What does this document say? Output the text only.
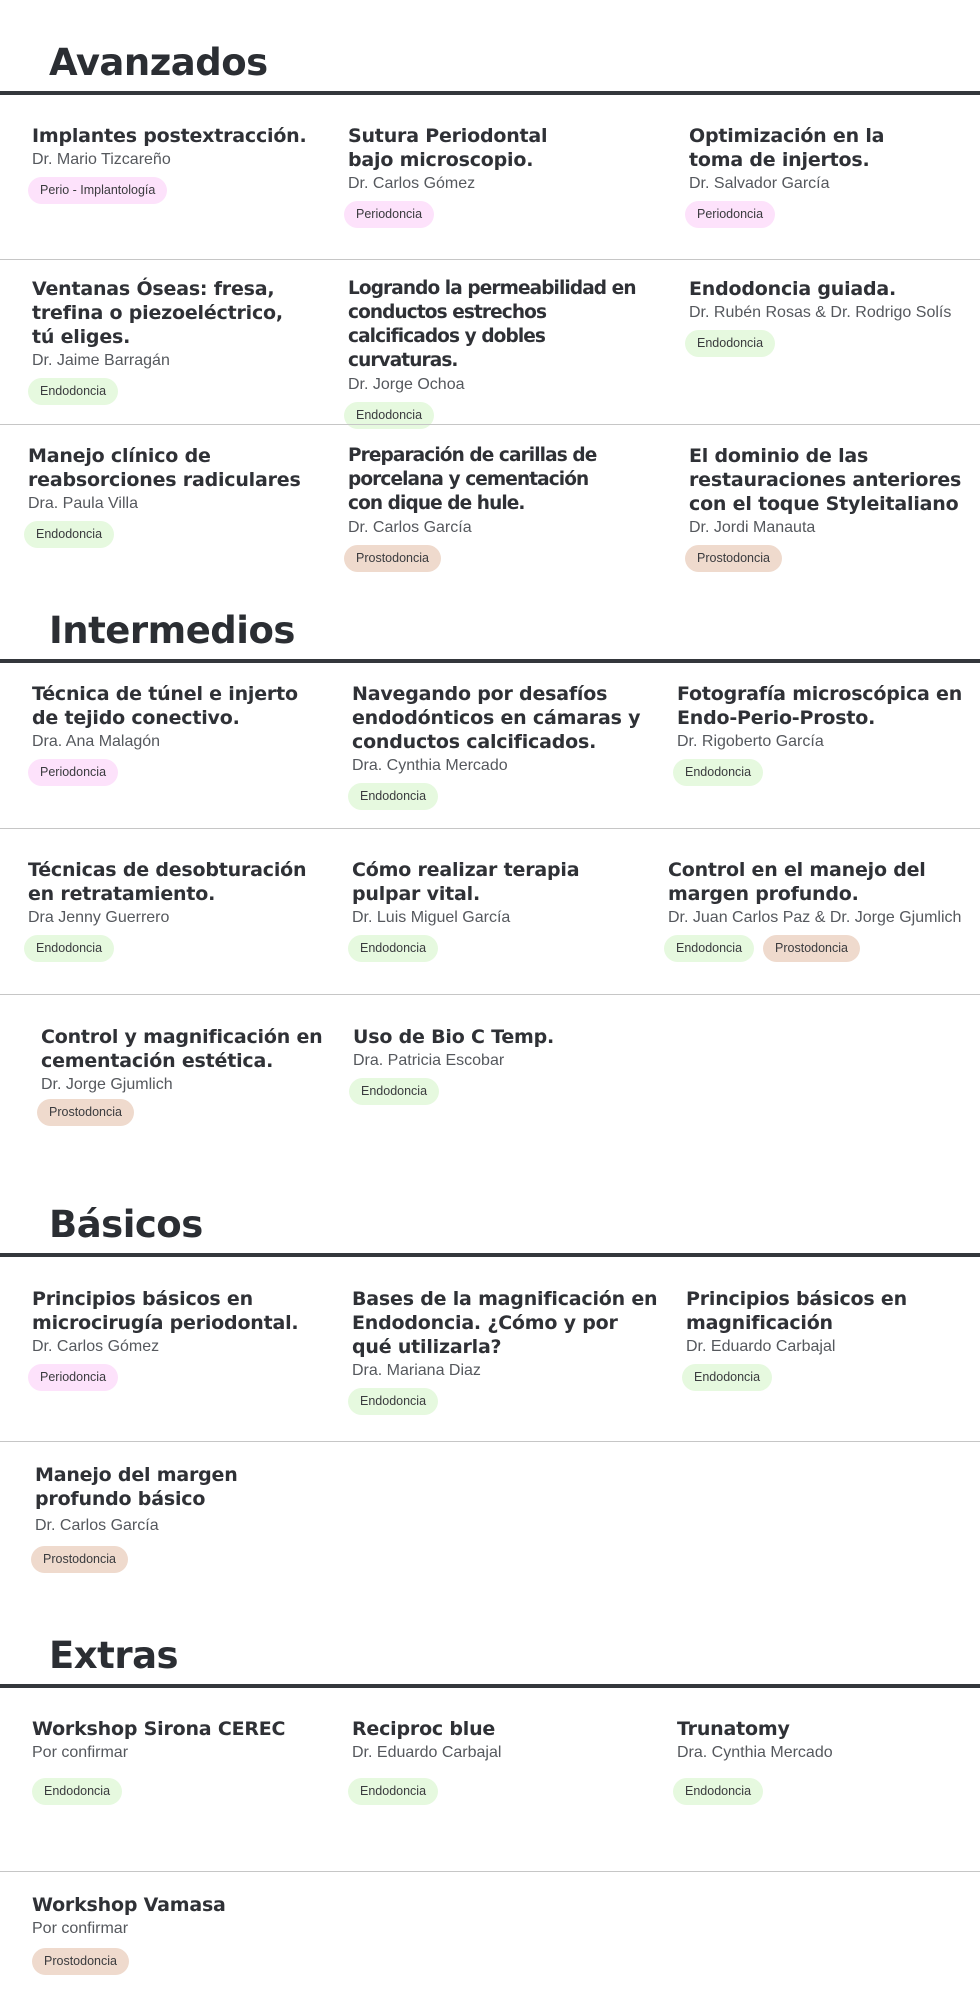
Avanzados
Implantes postextracción.
Dr. Mario Tizcareño
Perio - Implantología
Sutura Periodontal bajo microscopio.
Dr. Carlos Gómez
Periodoncia
Optimización en la toma de injertos.
Dr. Salvador García
Periodoncia
Ventanas Óseas: fresa, trefina o piezoeléctrico, tú eliges.
Dr. Jaime Barragán
Endodoncia
Logrando la permeabilidad en conductos estrechos calcificados y dobles curvaturas.
Dr. Jorge Ochoa
Endodoncia
Endodoncia guiada.
Dr. Rubén Rosas & Dr. Rodrigo Solís
Endodoncia
Manejo clínico de reabsorciones radiculares
Dra. Paula Villa
Endodoncia
Preparación de carillas de porcelana y cementación con dique de hule.
Dr. Carlos García
Prostodoncia
El dominio de las restauraciones anteriores con el toque Styleitaliano
Dr. Jordi Manauta
Prostodoncia
Intermedios
Técnica de túnel e injerto de tejido conectivo.
Dra. Ana Malagón
Periodoncia
Navegando por desafíos endodónticos en cámaras y conductos calcificados.
Dra. Cynthia Mercado
Endodoncia
Fotografía microscópica en Endo-Perio-Prosto.
Dr. Rigoberto García
Endodoncia
Técnicas de desobturación en retratamiento.
Dra Jenny Guerrero
Endodoncia
Cómo realizar terapia pulpar vital.
Dr. Luis Miguel García
Endodoncia
Control en el manejo del margen profundo.
Dr. Juan Carlos Paz & Dr. Jorge Gjumlich
Endodoncia	Prostodoncia
Control y magnificación en cementación estética.
Dr. Jorge Gjumlich
Prostodoncia
Uso de Bio C Temp.
Dra. Patricia Escobar
Endodoncia
Básicos
Principios básicos en microcirugía periodontal.
Dr. Carlos Gómez
Periodoncia
Bases de la magnificación en Endodoncia. ¿Cómo y por qué utilizarla?
Dra. Mariana Diaz
Endodoncia
Principios básicos en magnificación
Dr. Eduardo Carbajal
Endodoncia
Manejo del margen profundo básico
Dr. Carlos García
Prostodoncia
Extras
Workshop Sirona CEREC
Por confirmar
Endodoncia
Reciproc blue
Dr. Eduardo Carbajal
Endodoncia
Trunatomy
Dra. Cynthia Mercado
Endodoncia
Workshop Vamasa
Por confirmar
Prostodoncia
